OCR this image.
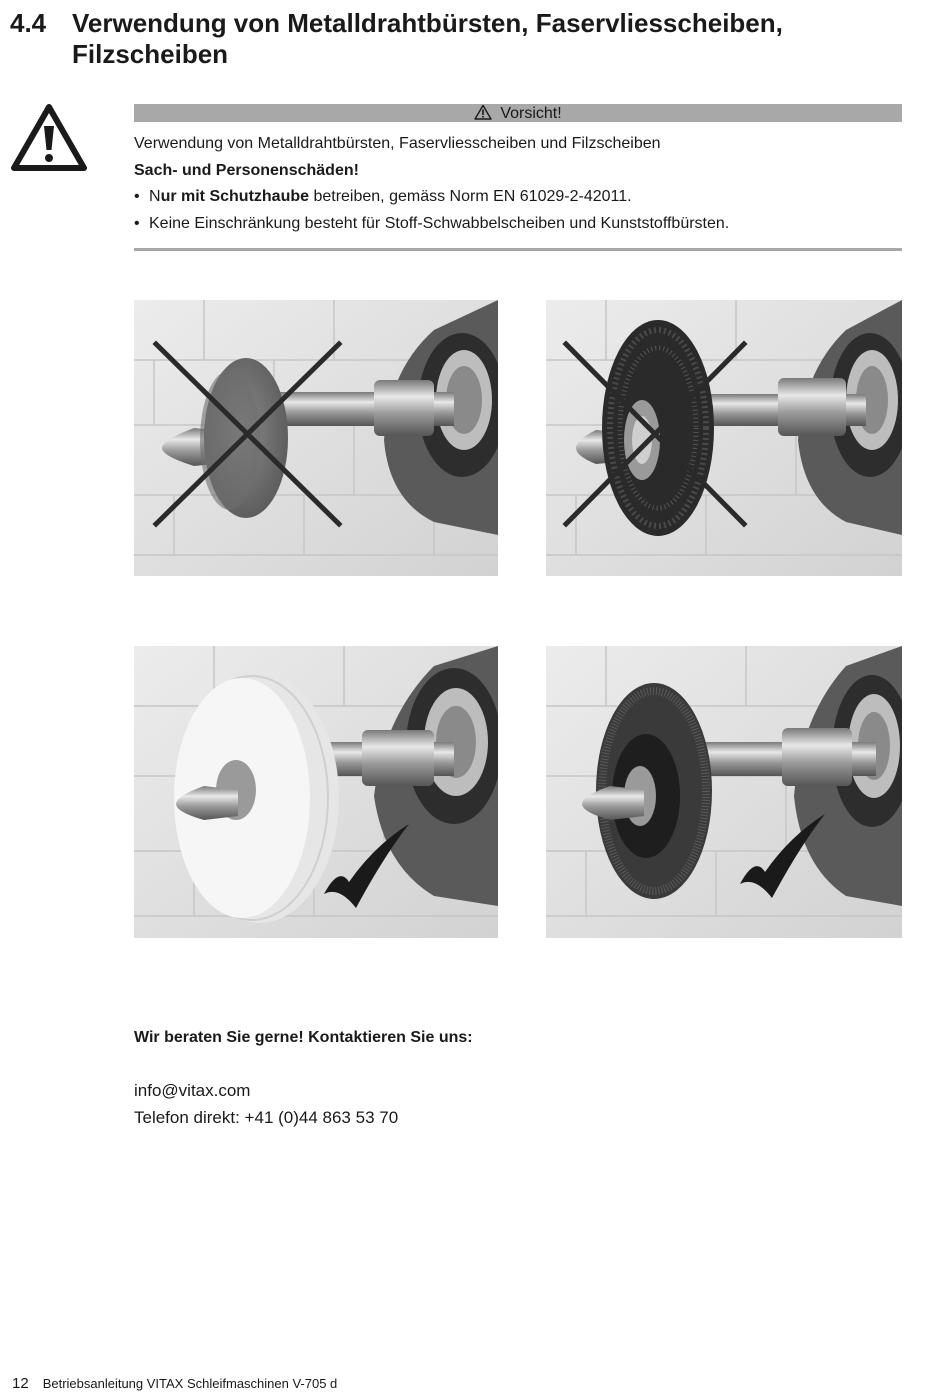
4.4 Verwendung von Metalldrahtbürsten, Faservliesscheiben,
Filzscheiben
Vorsicht!
Verwendung von Metalldrahtbürsten, Faservliesscheiben und Filzscheiben
Sach- und Personenschäden!
• Nur mit Schutzhaube betreiben, gemäss Norm EN 61029-2-42011.
• Keine Einschränkung besteht für Stoff-Schwabbelscheiben und Kunststoffbürsten.
Wir beraten Sie gerne! Kontaktieren Sie uns:
info@vitax.com
Telefon direkt: +41 (0)44 863 53 70
12 Betriebsanleitung VITAX Schleifmaschinen V-705 d
